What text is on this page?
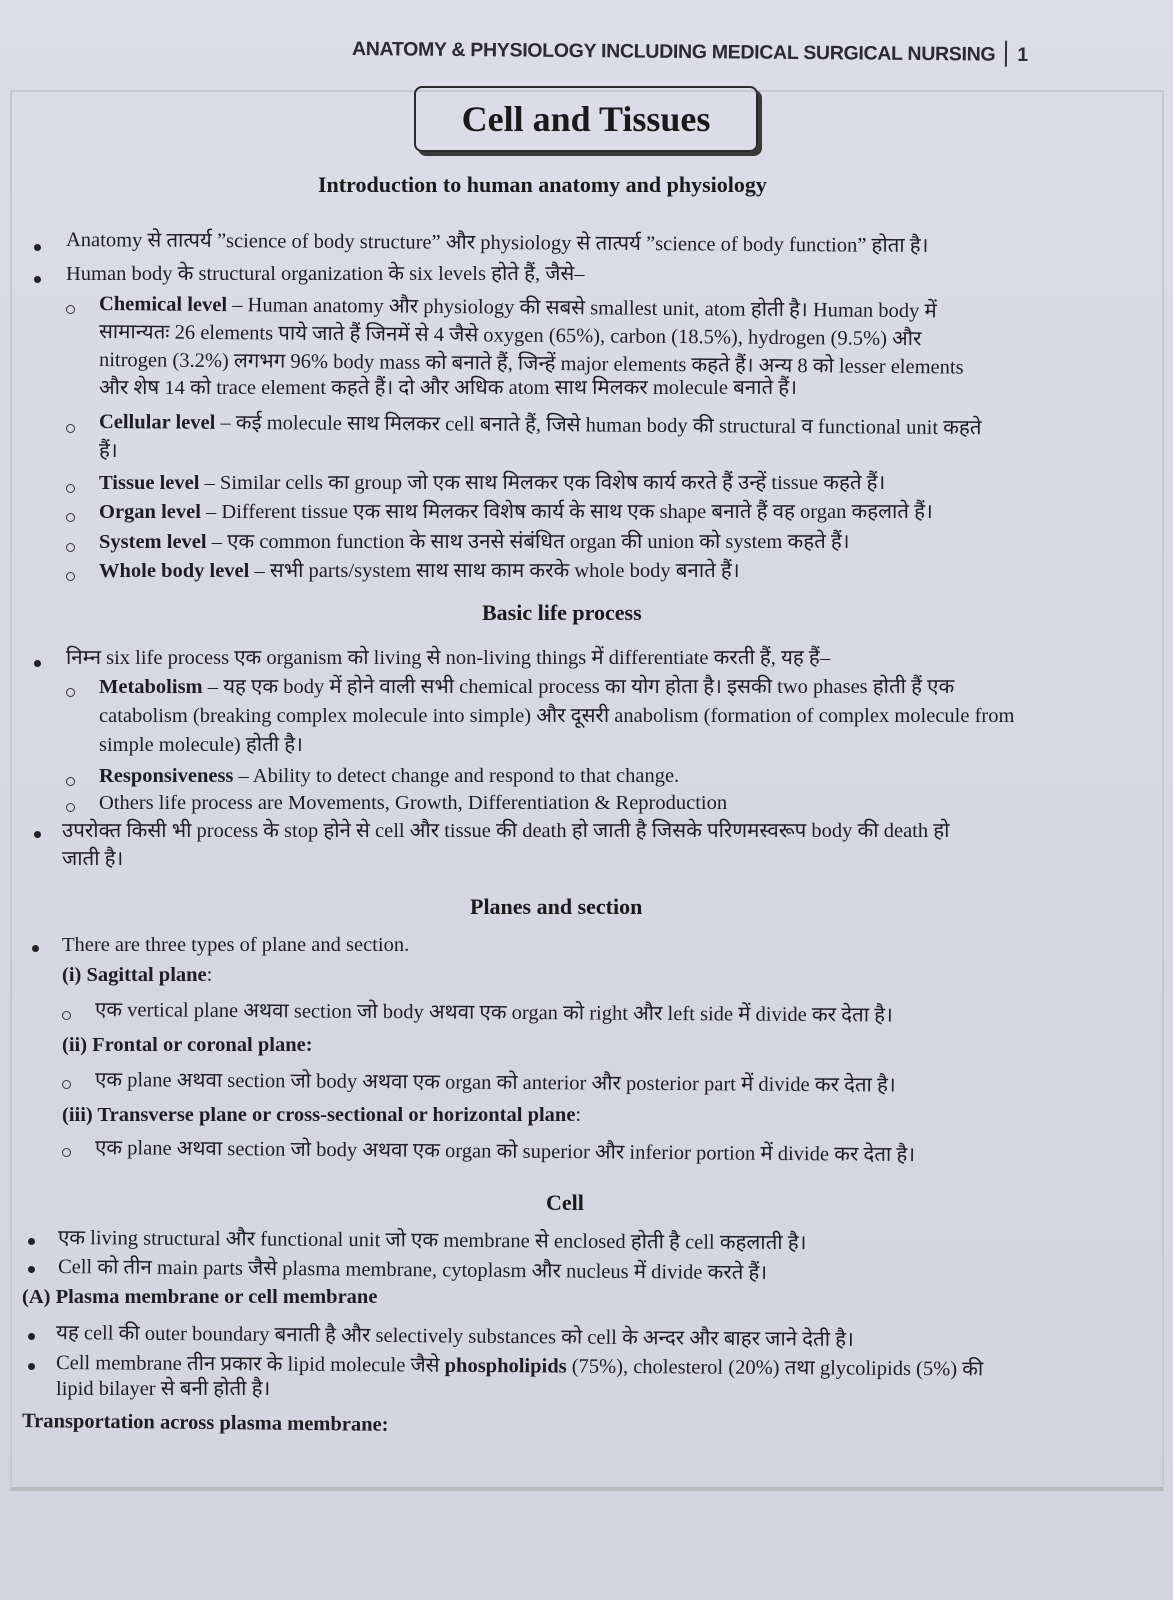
ANATOMY & PHYSIOLOGY INCLUDING MEDICAL SURGICAL NURSING 1
Cell and Tissues
Introduction to human anatomy and physiology
Anatomy से तात्पर्य ”science of body structure” और physiology से तात्पर्य ”science of body function” होता है।
Human body के structural organization के six levels होते हैं, जैसे–
Chemical level – Human anatomy और physiology की सबसे smallest unit, atom होती है। Human body में
सामान्यतः 26 elements पाये जाते हैं जिनमें से 4 जैसे oxygen (65%), carbon (18.5%), hydrogen (9.5%) और
nitrogen (3.2%) लगभग 96% body mass को बनाते हैं, जिन्हें major elements कहते हैं। अन्य 8 को lesser elements
और शेष 14 को trace element कहते हैं। दो और अधिक atom साथ मिलकर molecule बनाते हैं।
Cellular level – कई molecule साथ मिलकर cell बनाते हैं, जिसे human body की structural व functional unit कहते
हैं।
Tissue level – Similar cells का group जो एक साथ मिलकर एक विशेष कार्य करते हैं उन्हें tissue कहते हैं।
Organ level – Different tissue एक साथ मिलकर विशेष कार्य के साथ एक shape बनाते हैं वह organ कहलाते हैं।
System level – एक common function के साथ उनसे संबंधित organ की union को system कहते हैं।
Whole body level – सभी parts/system साथ साथ काम करके whole body बनाते हैं।
Basic life process
निम्न six life process एक organism को living से non-living things में differentiate करती हैं, यह हैं–
Metabolism – यह एक body में होने वाली सभी chemical process का योग होता है। इसकी two phases होती हैं एक
catabolism (breaking complex molecule into simple) और दूसरी anabolism (formation of complex molecule from
simple molecule) होती है।
Responsiveness – Ability to detect change and respond to that change.
Others life process are Movements, Growth, Differentiation & Reproduction
उपरोक्त किसी भी process के stop होने से cell और tissue की death हो जाती है जिसके परिणमस्वरूप body की death हो
जाती है।
Planes and section
There are three types of plane and section.
(i) Sagittal plane:
एक vertical plane अथवा section जो body अथवा एक organ को right और left side में divide कर देता है।
(ii) Frontal or coronal plane:
एक plane अथवा section जो body अथवा एक organ को anterior और posterior part में divide कर देता है।
(iii) Transverse plane or cross-sectional or horizontal plane:
एक plane अथवा section जो body अथवा एक organ को superior और inferior portion में divide कर देता है।
Cell
एक living structural और functional unit जो एक membrane से enclosed होती है cell कहलाती है।
Cell को तीन main parts जैसे plasma membrane, cytoplasm और nucleus में divide करते हैं।
(A) Plasma membrane or cell membrane
यह cell की outer boundary बनाती है और selectively substances को cell के अन्दर और बाहर जाने देती है।
Cell membrane तीन प्रकार के lipid molecule जैसे phospholipids (75%), cholesterol (20%) तथा glycolipids (5%) की
lipid bilayer से बनी होती है।
Transportation across plasma membrane:
